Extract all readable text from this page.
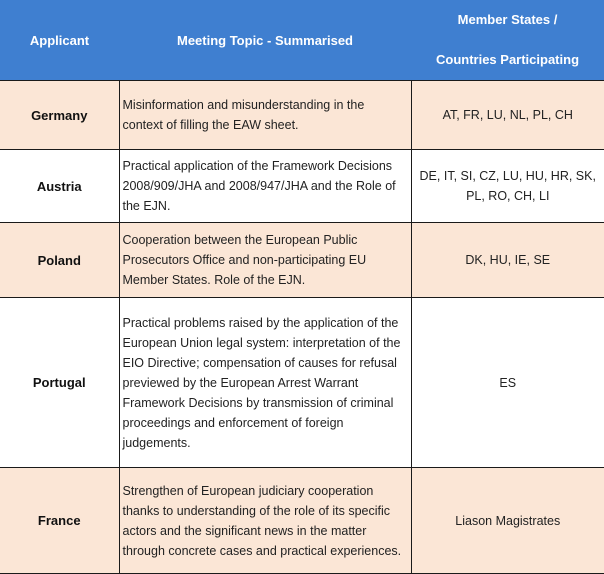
Applicant	Meeting Topic - Summarised	Member States /
Countries Participating

Germany	Misinformation and misunderstanding in the context of filling the EAW sheet.	AT, FR, LU, NL, PL, CH
Austria	Practical application of the Framework Decisions 2008/909/JHA and 2008/947/JHA and the Role of the EJN.	DE, IT, SI, CZ, LU, HU, HR, SK, PL, RO, CH, LI
Poland	Cooperation between the European Public Prosecutors Office and non-participating EU Member States. Role of the EJN.	DK, HU, IE, SE
Portugal	Practical problems raised by the application of the European Union legal system: interpretation of the EIO Directive; compensation of causes for refusal previewed by the European Arrest Warrant Framework Decisions by transmission of criminal proceedings and enforcement of foreign judgements.	ES
France	Strengthen of European judiciary cooperation thanks to understanding of the role of its specific actors and the significant news in the matter through concrete cases and practical experiences.	Liason Magistrates
